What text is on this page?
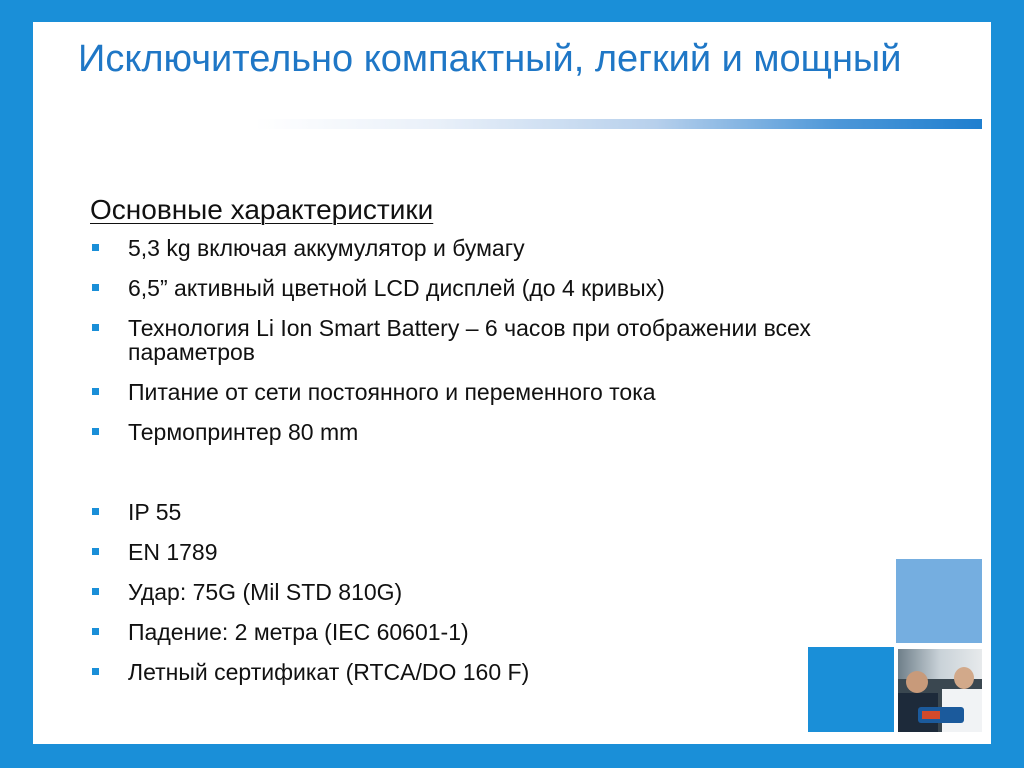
Исключительно компактный, легкий и мощный
Основные характеристики
5,3 kg включая аккумулятор и бумагу
6,5” активный цветной LCD дисплей (до 4 кривых)
Технология Li Ion Smart Battery – 6 часов при отображении всех параметров
Питание от сети постоянного и переменного тока
Термопринтер 80 mm
IP 55
EN 1789
Удар: 75G (Mil STD 810G)
Падение: 2 метра (IEC 60601-1)
Летный сертификат (RTCA/DO 160 F)
